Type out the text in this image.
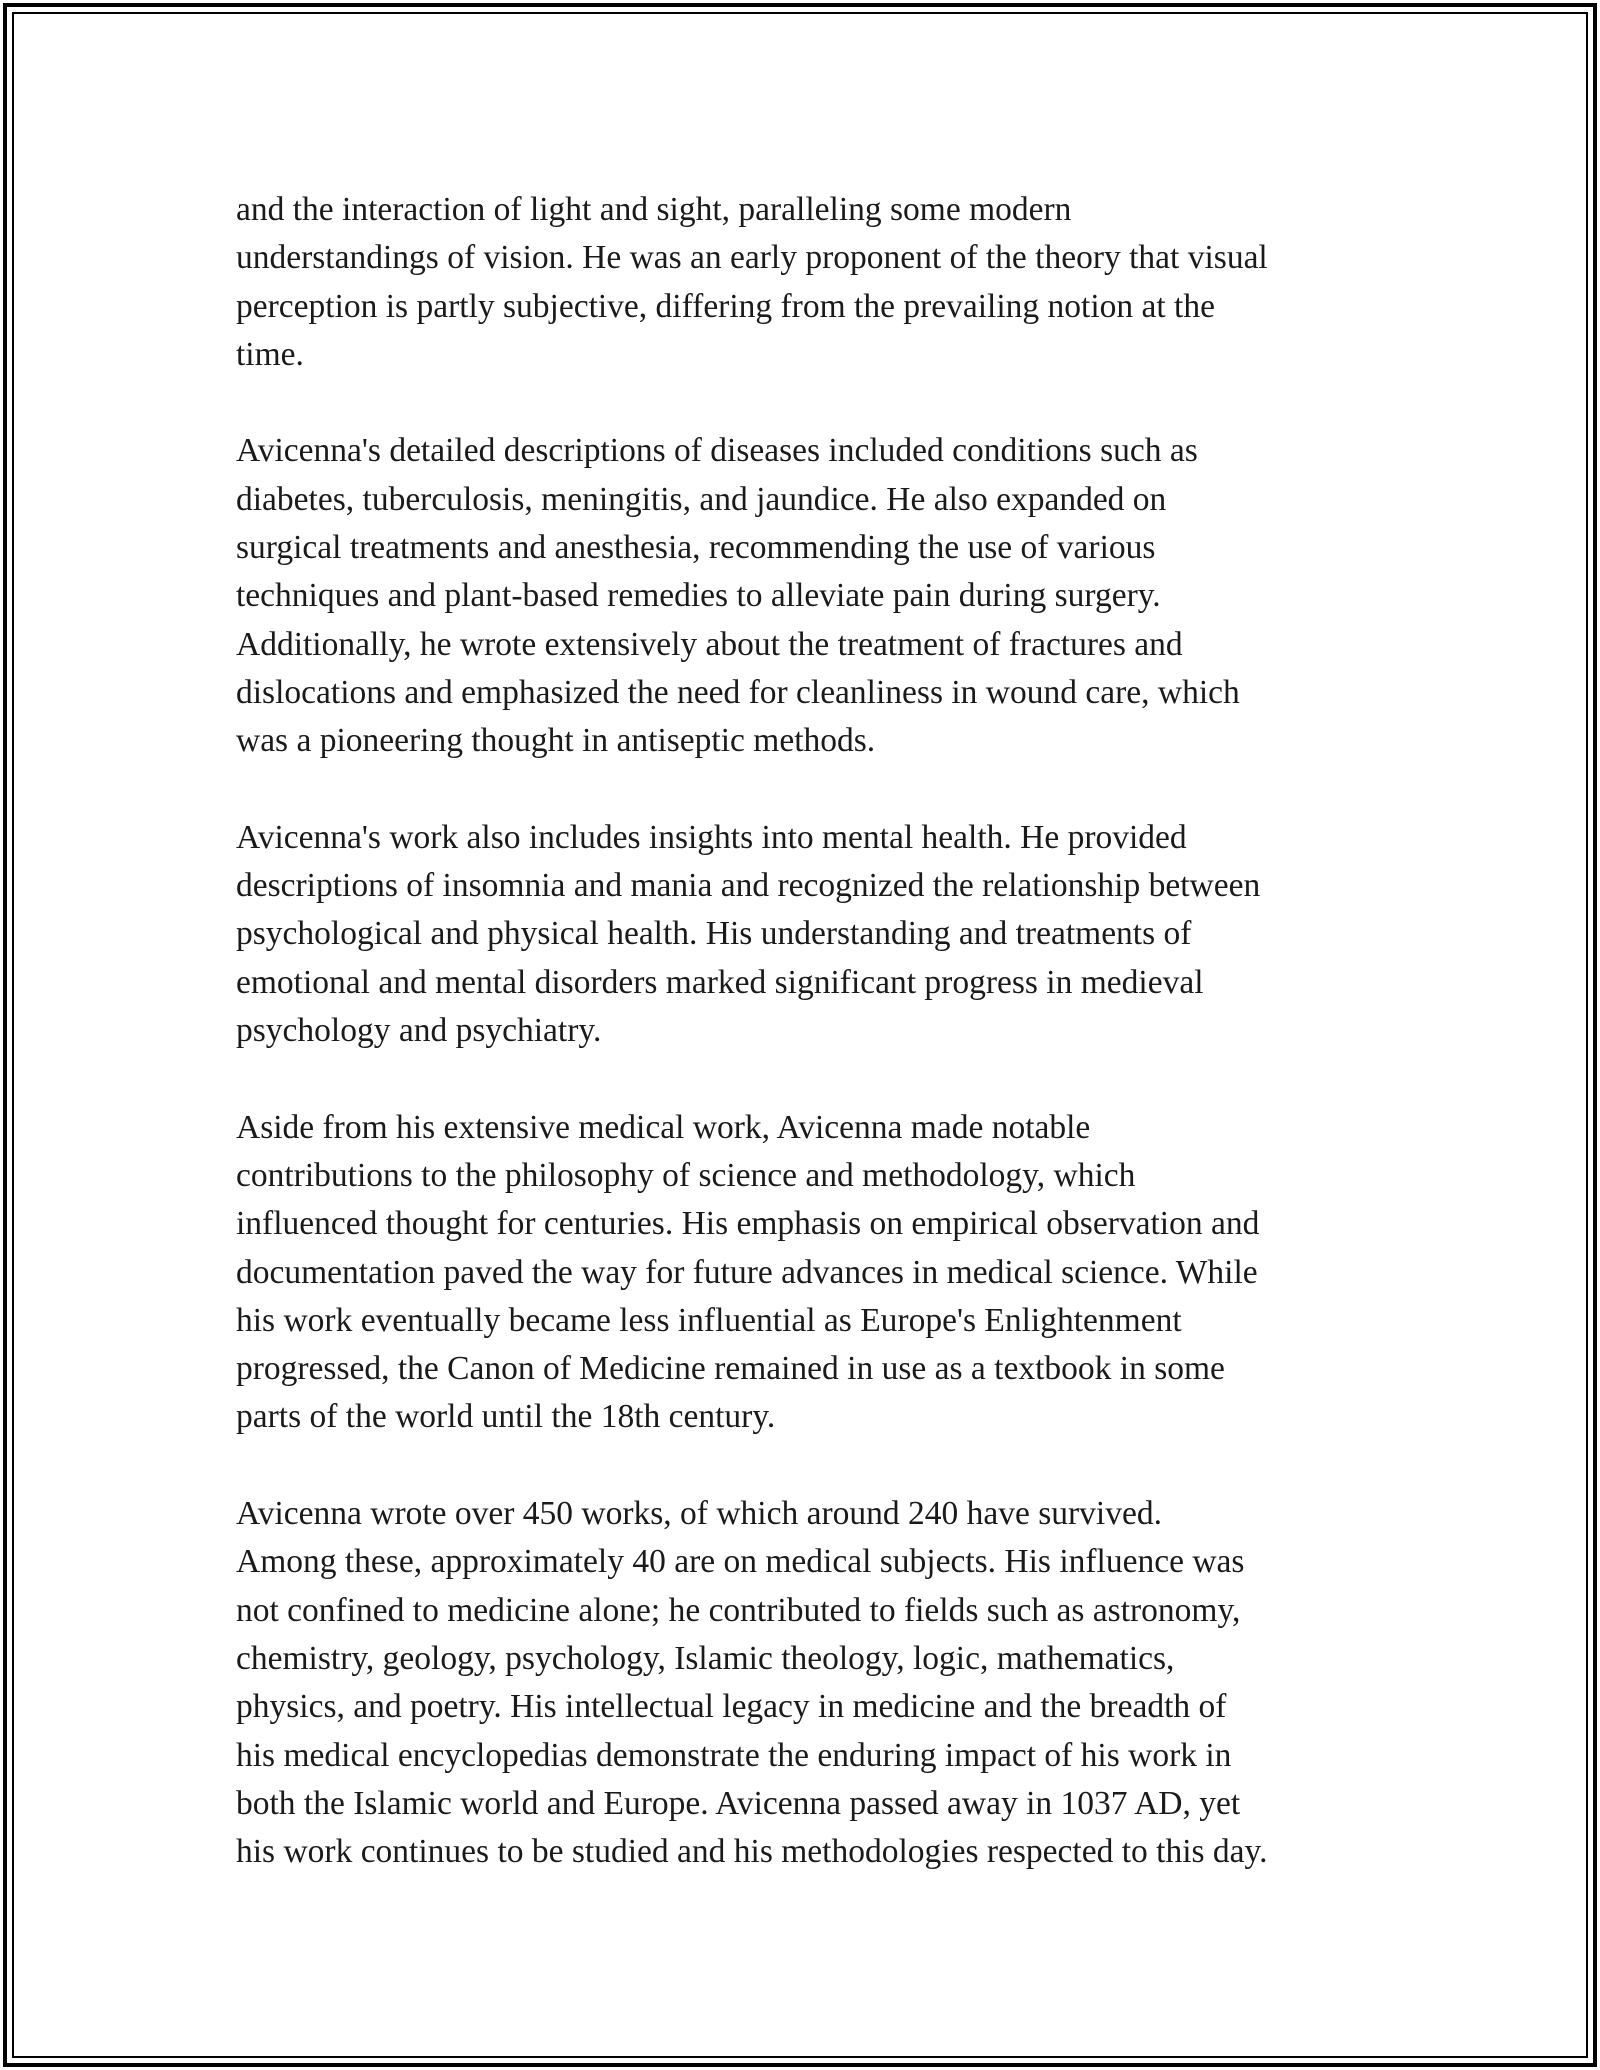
and the interaction of light and sight, paralleling some modern
understandings of vision. He was an early proponent of the theory that visual
perception is partly subjective, differing from the prevailing notion at the
time.

Avicenna's detailed descriptions of diseases included conditions such as
diabetes, tuberculosis, meningitis, and jaundice. He also expanded on
surgical treatments and anesthesia, recommending the use of various
techniques and plant-based remedies to alleviate pain during surgery.
Additionally, he wrote extensively about the treatment of fractures and
dislocations and emphasized the need for cleanliness in wound care, which
was a pioneering thought in antiseptic methods.

Avicenna's work also includes insights into mental health. He provided
descriptions of insomnia and mania and recognized the relationship between
psychological and physical health. His understanding and treatments of
emotional and mental disorders marked significant progress in medieval
psychology and psychiatry.

Aside from his extensive medical work, Avicenna made notable
contributions to the philosophy of science and methodology, which
influenced thought for centuries. His emphasis on empirical observation and
documentation paved the way for future advances in medical science. While
his work eventually became less influential as Europe's Enlightenment
progressed, the Canon of Medicine remained in use as a textbook in some
parts of the world until the 18th century.

Avicenna wrote over 450 works, of which around 240 have survived.
Among these, approximately 40 are on medical subjects. His influence was
not confined to medicine alone; he contributed to fields such as astronomy,
chemistry, geology, psychology, Islamic theology, logic, mathematics,
physics, and poetry. His intellectual legacy in medicine and the breadth of
his medical encyclopedias demonstrate the enduring impact of his work in
both the Islamic world and Europe. Avicenna passed away in 1037 AD, yet
his work continues to be studied and his methodologies respected to this day.
